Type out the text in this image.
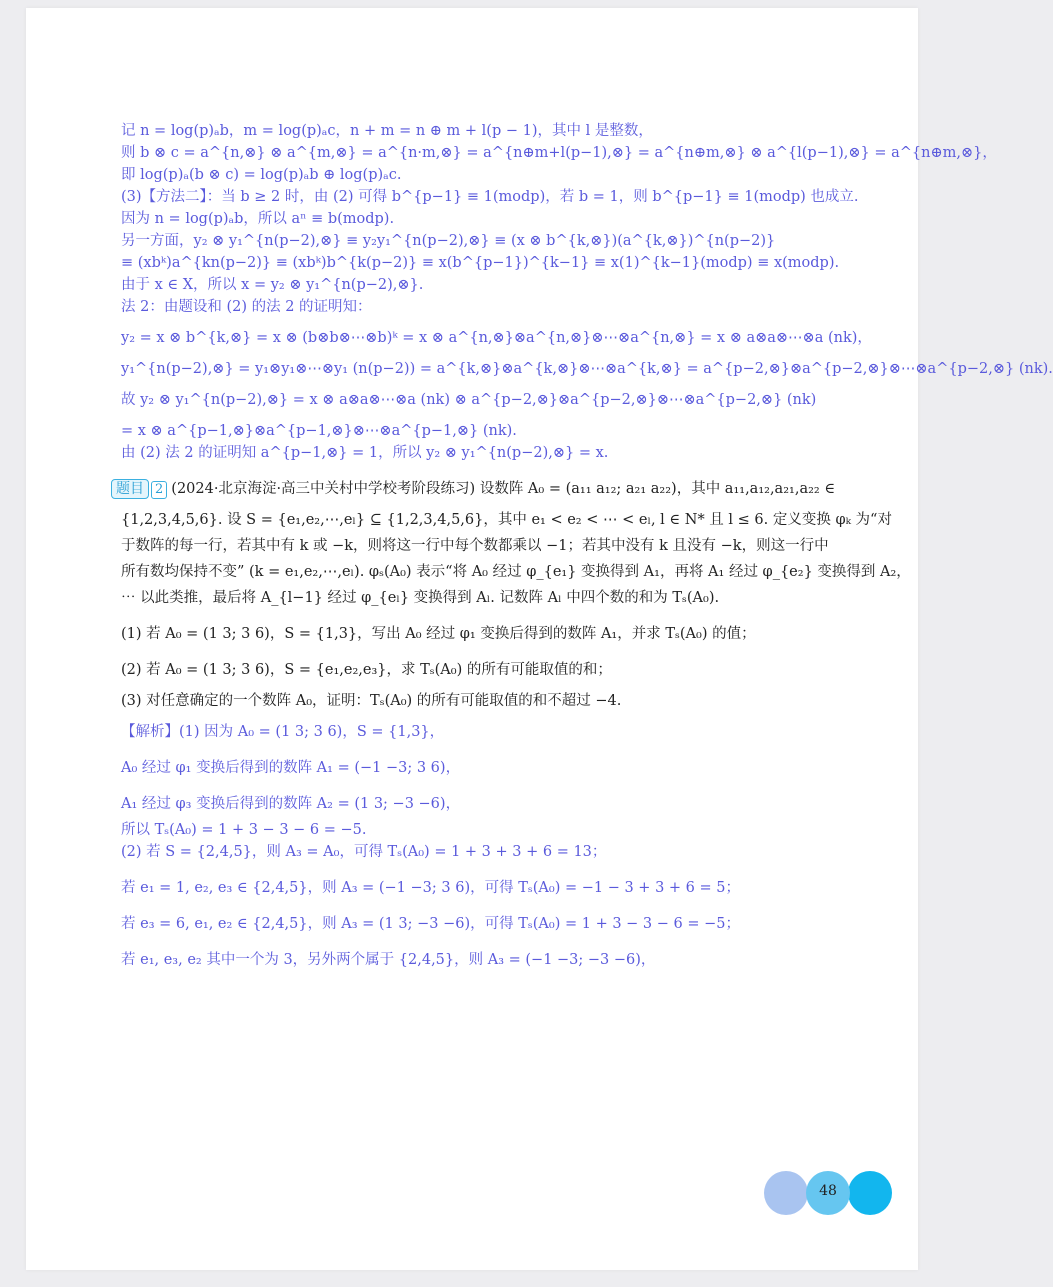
记 n = log(p)ₐb，m = log(p)ₐc，n + m = n ⊕ m + l(p − 1)，其中 l 是整数，

则 b ⊗ c = a^{n,⊗} ⊗ a^{m,⊗} = a^{n·m,⊗} = a^{n⊕m+l(p−1),⊗} = a^{n⊕m,⊗} ⊗ a^{l(p−1),⊗} = a^{n⊕m,⊗}，

即 log(p)ₐ(b ⊗ c) = log(p)ₐb ⊕ log(p)ₐc.

(3)【方法二】：当 b ≥ 2 时，由 (2) 可得 b^{p−1} ≡ 1(modp)，若 b = 1，则 b^{p−1} ≡ 1(modp) 也成立.

因为 n = log(p)ₐb，所以 aⁿ ≡ b(modp).

另一方面，y₂ ⊗ y₁^{n(p−2),⊗} ≡ y₂y₁^{n(p−2),⊗} ≡ (x ⊗ b^{k,⊗})(a^{k,⊗})^{n(p−2)}

≡ (xbᵏ)a^{kn(p−2)} ≡ (xbᵏ)b^{k(p−2)} ≡ x(b^{p−1})^{k−1} ≡ x(1)^{k−1}(modp) ≡ x(modp).

由于 x ∈ X，所以 x = y₂ ⊗ y₁^{n(p−2),⊗}.

法 2：由题设和 (2) 的法 2 的证明知：

y₂ = x ⊗ b^{k,⊗} = x ⊗ (b⊗b⊗⋯⊗b)ᵏ = x ⊗ a^{n,⊗}⊗a^{n,⊗}⊗⋯⊗a^{n,⊗} = x ⊗ a⊗a⊗⋯⊗a (nk)，

y₁^{n(p−2),⊗} = y₁⊗y₁⊗⋯⊗y₁ (n(p−2)) = a^{k,⊗}⊗a^{k,⊗}⊗⋯⊗a^{k,⊗} = a^{p−2,⊗}⊗a^{p−2,⊗}⊗⋯⊗a^{p−2,⊗} (nk).

故 y₂ ⊗ y₁^{n(p−2),⊗} = x ⊗ a⊗a⊗⋯⊗a (nk) ⊗ a^{p−2,⊗}⊗a^{p−2,⊗}⊗⋯⊗a^{p−2,⊗} (nk)

= x ⊗ a^{p−1,⊗}⊗a^{p−1,⊗}⊗⋯⊗a^{p−1,⊗} (nk).

由 (2) 法 2 的证明知 a^{p−1,⊗} = 1，所以 y₂ ⊗ y₁^{n(p−2),⊗} = x.

题目 2 (2024·北京海淀·高三中关村中学校考阶段练习) 设数阵 A₀ = (a₁₁ a₁₂; a₂₁ a₂₂)，其中 a₁₁,a₁₂,a₂₁,a₂₂ ∈

{1,2,3,4,5,6}. 设 S = {e₁,e₂,⋯,eₗ} ⊆ {1,2,3,4,5,6}，其中 e₁ < e₂ < ⋯ < eₗ, l ∈ N* 且 l ≤ 6. 定义变换 φₖ 为“对

于数阵的每一行，若其中有 k 或 −k，则将这一行中每个数都乘以 −1；若其中没有 k 且没有 −k，则这一行中

所有数均保持不变” (k = e₁,e₂,⋯,eₗ). φₛ(A₀) 表示“将 A₀ 经过 φ_{e₁} 变换得到 A₁，再将 A₁ 经过 φ_{e₂} 变换得到 A₂，

⋯ 以此类推，最后将 A_{l−1} 经过 φ_{eₗ} 变换得到 Aₗ. 记数阵 Aₗ 中四个数的和为 Tₛ(A₀).

(1) 若 A₀ = (1 3; 3 6)，S = {1,3}，写出 A₀ 经过 φ₁ 变换后得到的数阵 A₁，并求 Tₛ(A₀) 的值；

(2) 若 A₀ = (1 3; 3 6)，S = {e₁,e₂,e₃}，求 Tₛ(A₀) 的所有可能取值的和；

(3) 对任意确定的一个数阵 A₀，证明：Tₛ(A₀) 的所有可能取值的和不超过 −4.

【解析】(1) 因为 A₀ = (1 3; 3 6)，S = {1,3}，

A₀ 经过 φ₁ 变换后得到的数阵 A₁ = (−1 −3; 3 6)，

A₁ 经过 φ₃ 变换后得到的数阵 A₂ = (1 3; −3 −6)，

所以 Tₛ(A₀) = 1 + 3 − 3 − 6 = −5.

(2) 若 S = {2,4,5}，则 A₃ = A₀，可得 Tₛ(A₀) = 1 + 3 + 3 + 6 = 13；

若 e₁ = 1, e₂, e₃ ∈ {2,4,5}，则 A₃ = (−1 −3; 3 6)，可得 Tₛ(A₀) = −1 − 3 + 3 + 6 = 5；

若 e₃ = 6, e₁, e₂ ∈ {2,4,5}，则 A₃ = (1 3; −3 −6)，可得 Tₛ(A₀) = 1 + 3 − 3 − 6 = −5；

若 e₁, e₃, e₂ 其中一个为 3，另外两个属于 {2,4,5}，则 A₃ = (−1 −3; −3 −6)，

48
